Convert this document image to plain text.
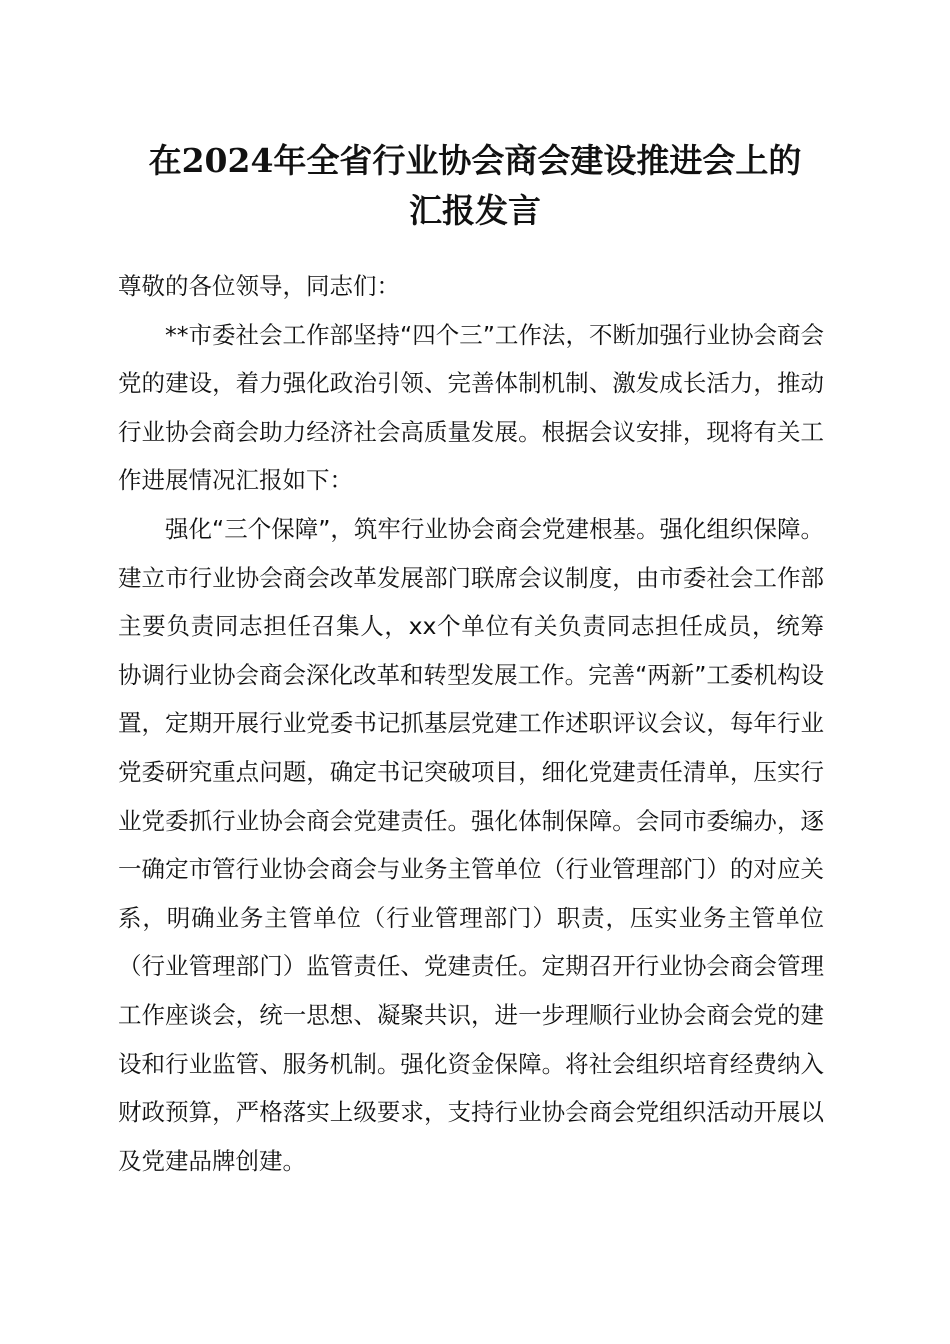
在2024年全省行业协会商会建设推进会上的
汇报发言

尊敬的各位领导，同志们：

**市委社会工作部坚持“四个三”工作法，不断加强行业协会商会党的建设，着力强化政治引领、完善体制机制、激发成长活力，推动行业协会商会助力经济社会高质量发展。根据会议安排，现将有关工作进展情况汇报如下：

强化“三个保障”，筑牢行业协会商会党建根基。强化组织保障。建立市行业协会商会改革发展部门联席会议制度，由市委社会工作部主要负责同志担任召集人，xx个单位有关负责同志担任成员，统筹协调行业协会商会深化改革和转型发展工作。完善“两新”工委机构设置，定期开展行业党委书记抓基层党建工作述职评议会议，每年行业党委研究重点问题，确定书记突破项目，细化党建责任清单，压实行业党委抓行业协会商会党建责任。强化体制保障。会同市委编办，逐一确定市管行业协会商会与业务主管单位（行业管理部门）的对应关系，明确业务主管单位（行业管理部门）职责，压实业务主管单位（行业管理部门）监管责任、党建责任。定期召开行业协会商会管理工作座谈会，统一思想、凝聚共识，进一步理顺行业协会商会党的建设和行业监管、服务机制。强化资金保障。将社会组织培育经费纳入财政预算，严格落实上级要求，支持行业协会商会党组织活动开展以及党建品牌创建。
